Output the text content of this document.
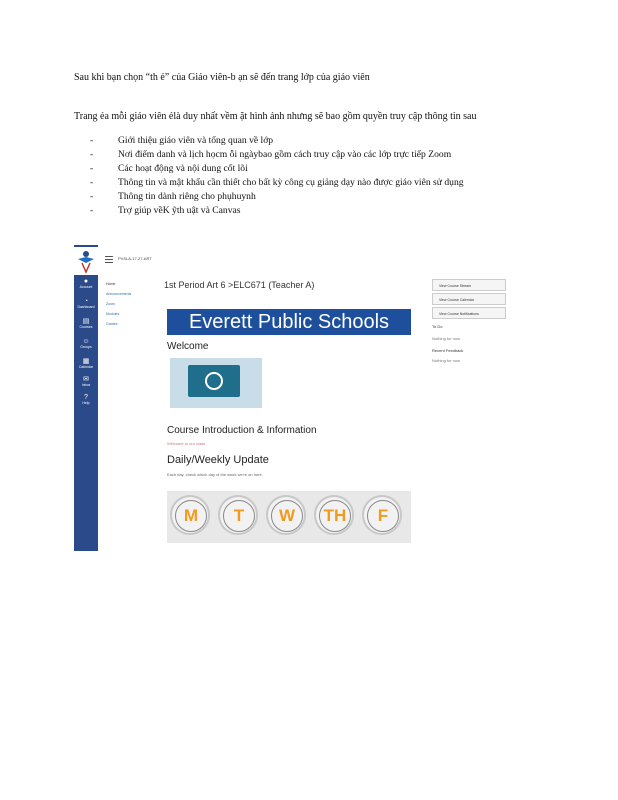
Sau khi bạn chọn “th ẻ” của Giáo viên-b ạn sẽ đến trang lớp của giáo viên
Trang ẻa mỗi giáo viên ẻlà duy nhất vềm ặt hình ảnh nhưng sẽ bao gồm quyền truy cập thông tin sau
-	Giới thiệu giáo viên và tổng quan về lớp
-	Nơi điểm danh và lịch họcm ỗi ngàybao gồm cách truy cập vào các lớp trực tiếp Zoom
-	Các hoạt động và nội dung cốt lõi
-	Thông tin và mật khẩu cần thiết cho bất kỳ công cụ giảng dạy nào được giáo viên sử dụng
-	Thông tin dành riêng cho phụhuynh
-	Trợ giúp vềK ỹth uật và Canvas
●
Account
◔
Dashboard
▤
Courses
☺
Groups
▦
Calendar
✉
Inbox
?
Help
PVSLA-17-27-ART
Home
Announcements
Zoom
Modules
Grades
1st Period Art 6 >ELC671 (Teacher A)
Everett Public Schools
Welcome
Course Introduction & Information
Welcome to our class
Daily/Weekly Update
Each day, check which day of the week we're on here.
M	T	W	TH	F
View Course Stream
View Course Calendar
View Course Notifications
To Do
Nothing for now
Recent Feedback
Nothing for now
